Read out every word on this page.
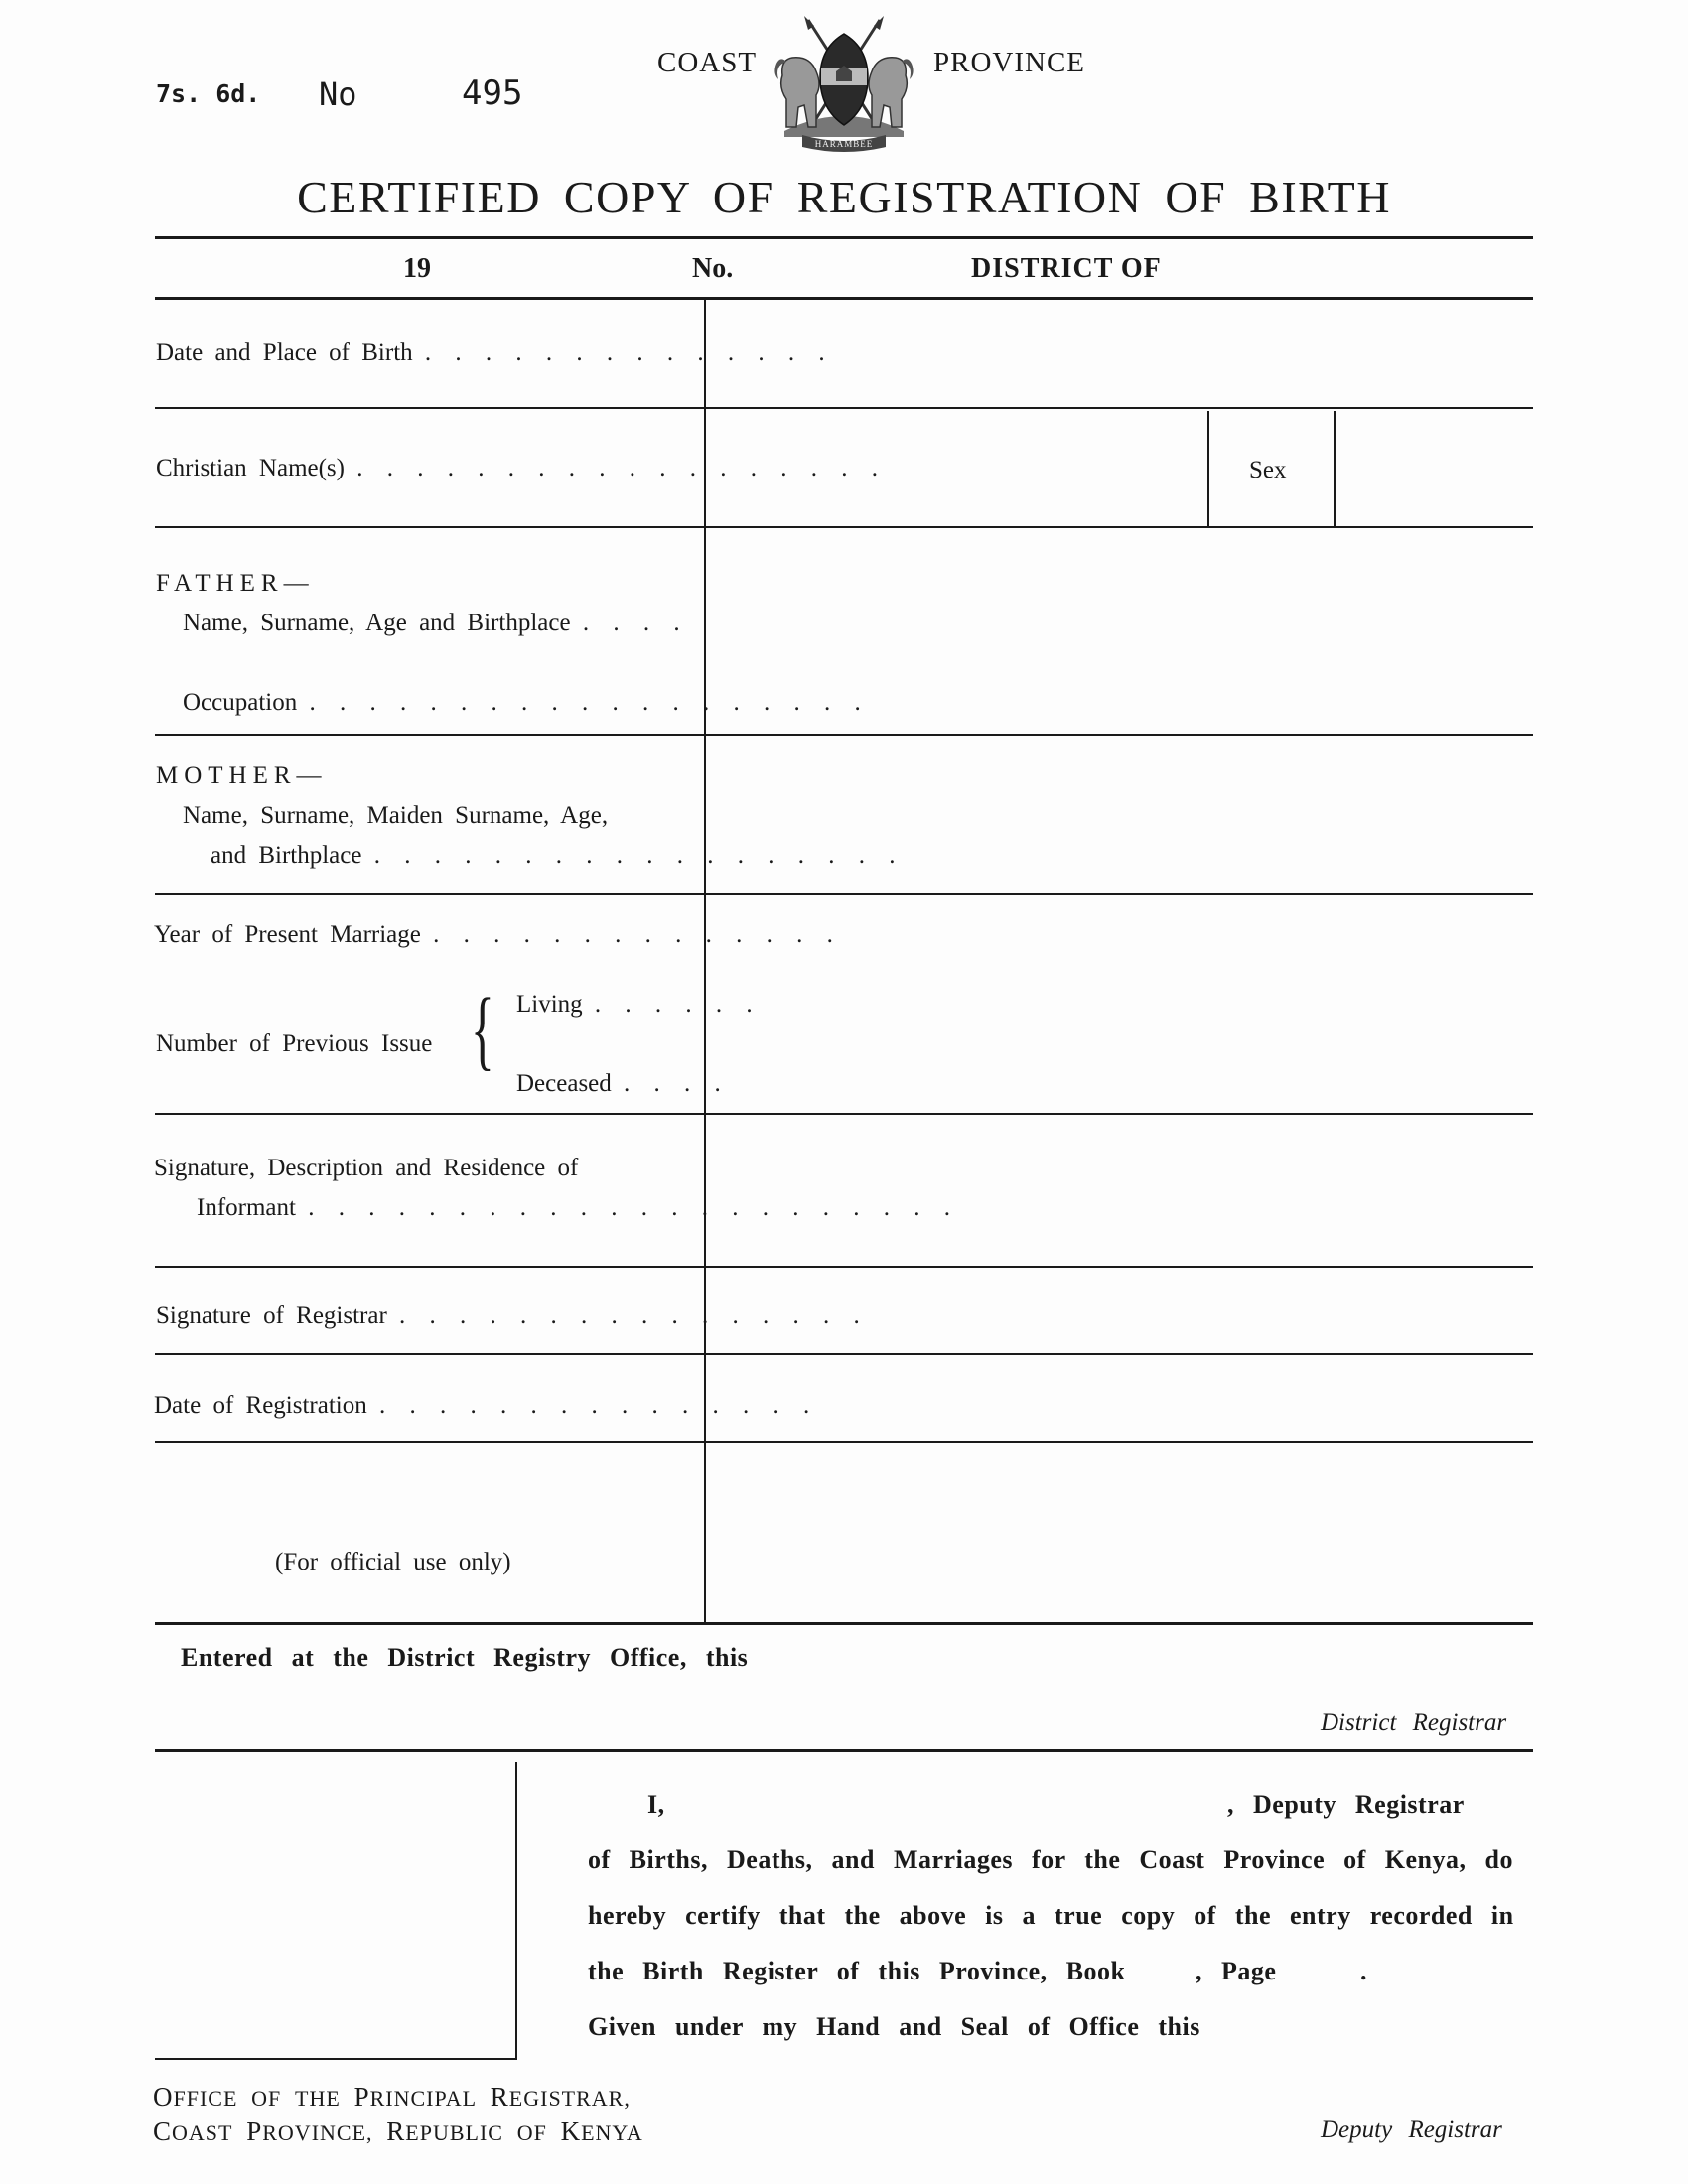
7s. 6d. No	495
COAST	PROVINCE
HARAMBEE
CERTIFIED COPY OF REGISTRATION OF BIRTH
19	No.	DISTRICT OF
Date and Place of Birth . . . . . . . . . . . . . .
Christian Name(s) . . . . . . . . . . . . . . . . . .	Sex
FATHER—
Name, Surname, Age and Birthplace . . . .
Occupation . . . . . . . . . . . . . . . . . . .
MOTHER—
Name, Surname, Maiden Surname, Age,
and Birthplace . . . . . . . . . . . . . . . . . .
Year of Present Marriage . . . . . . . . . . . . . .
Number of Previous Issue { Living . . . . . .
Deceased . . . .
Signature, Description and Residence of
Informant . . . . . . . . . . . . . . . . . . . . . .
Signature of Registrar . . . . . . . . . . . . . . . .
Date of Registration . . . . . . . . . . . . . . .
(For official use only)
Entered at the District Registry Office, this
District Registrar
I,	, Deputy Registrar
of Births, Deaths, and Marriages for the Coast Province of Kenya, do
hereby certify that the above is a true copy of the entry recorded in
the Birth Register of this Province, Book	, Page	.
Given under my Hand and Seal of Office this
OFFICE OF THE PRINCIPAL REGISTRAR,
COAST PROVINCE, REPUBLIC OF KENYA	Deputy Registrar
